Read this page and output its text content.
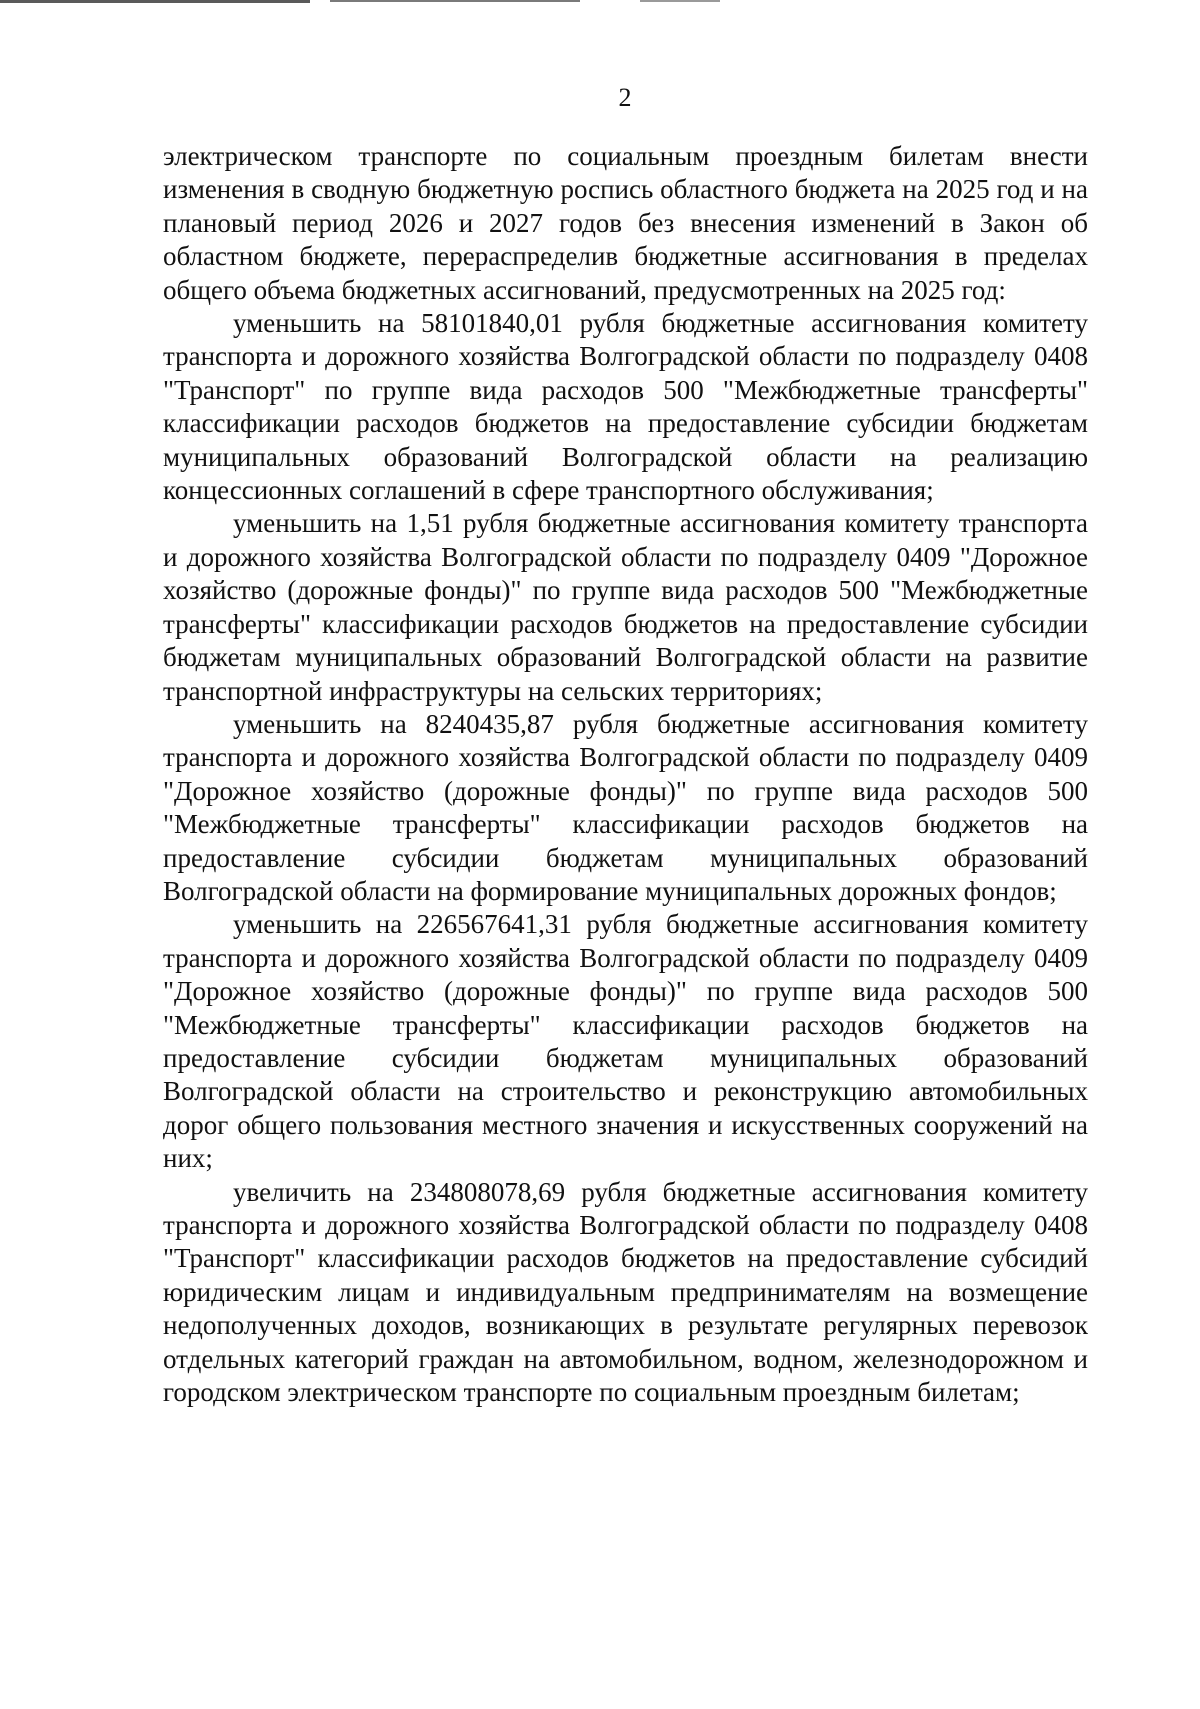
2

электрическом транспорте по социальным проездным билетам внести изменения в сводную бюджетную роспись областного бюджета на 2025 год и на плановый период 2026 и 2027 годов без внесения изменений в Закон об областном бюджете, перераспределив бюджетные ассигнования в пределах общего объема бюджетных ассигнований, предусмотренных на 2025 год:

уменьшить на 58101840,01 рубля бюджетные ассигнования комитету транспорта и дорожного хозяйства Волгоградской области по подразделу 0408 "Транспорт" по группе вида расходов 500 "Межбюджетные трансферты" классификации расходов бюджетов на предоставление субсидии бюджетам муниципальных образований Волгоградской области на реализацию концессионных соглашений в сфере транспортного обслуживания;

уменьшить на 1,51 рубля бюджетные ассигнования комитету транспорта и дорожного хозяйства Волгоградской области по подразделу 0409 "Дорожное хозяйство (дорожные фонды)" по группе вида расходов 500 "Межбюджетные трансферты" классификации расходов бюджетов на предоставление субсидии бюджетам муниципальных образований Волгоградской области на развитие транспортной инфраструктуры на сельских территориях;

уменьшить на 8240435,87 рубля бюджетные ассигнования комитету транспорта и дорожного хозяйства Волгоградской области по подразделу 0409 "Дорожное хозяйство (дорожные фонды)" по группе вида расходов 500 "Межбюджетные трансферты" классификации расходов бюджетов на предоставление субсидии бюджетам муниципальных образований Волгоградской области на формирование муниципальных дорожных фондов;

уменьшить на 226567641,31 рубля бюджетные ассигнования комитету транспорта и дорожного хозяйства Волгоградской области по подразделу 0409 "Дорожное хозяйство (дорожные фонды)" по группе вида расходов 500 "Межбюджетные трансферты" классификации расходов бюджетов на предоставление субсидии бюджетам муниципальных образований Волгоградской области на строительство и реконструкцию автомобильных дорог общего пользования местного значения и искусственных сооружений на них;

увеличить на 234808078,69 рубля бюджетные ассигнования комитету транспорта и дорожного хозяйства Волгоградской области по подразделу 0408 "Транспорт" классификации расходов бюджетов на предоставление субсидий юридическим лицам и индивидуальным предпринимателям на возмещение недополученных доходов, возникающих в результате регулярных перевозок отдельных категорий граждан на автомобильном, водном, железнодорожном и городском электрическом транспорте по социальным проездным билетам;
